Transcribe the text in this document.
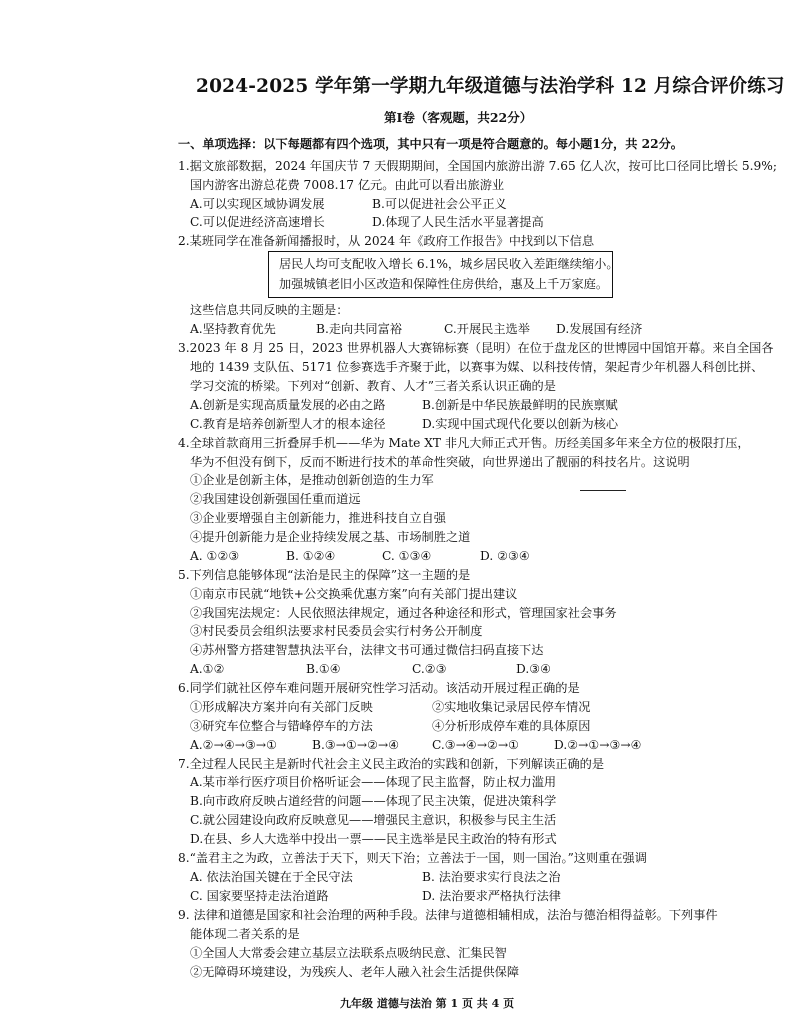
2024-2025 学年第一学期九年级道德与法治学科 12 月综合评价练习
第Ⅰ卷（客观题，共22分）
一、单项选择：以下每题都有四个选项，其中只有一项是符合题意的。每小题1分，共 22分。
1.据文旅部数据，2024 年国庆节 7 天假期期间，全国国内旅游出游 7.65 亿人次，按可比口径同比增长 5.9%;
国内游客出游总花费 7008.17 亿元。由此可以看出旅游业
A.可以实现区域协调发展	B.可以促进社会公平正义
C.可以促进经济高速增长	D.体现了人民生活水平显著提高
2.某班同学在准备新闻播报时，从 2024 年《政府工作报告》中找到以下信息
居民人均可支配收入增长 6.1%，城乡居民收入差距继续缩小。
加强城镇老旧小区改造和保障性住房供给，惠及上千万家庭。
这些信息共同反映的主题是：
A.坚持教育优先	B.走向共同富裕	C.开展民主选举 D.发展国有经济
3.2023 年 8 月 25 日，2023 世界机器人大赛锦标赛（昆明）在位于盘龙区的世博园中国馆开幕。来自全国各
地的 1439 支队伍、5171 位参赛选手齐聚于此，以赛事为媒、以科技传情，架起青少年机器人科创比拼、
学习交流的桥梁。下列对“创新、教育、人才”三者关系认识正确的是
A.创新是实现高质量发展的必由之路	B.创新是中华民族最鲜明的民族禀赋
C.教育是培养创新型人才的根本途径	D.实现中国式现代化要以创新为核心
4.全球首款商用三折叠屏手机——华为 Mate XT 非凡大师正式开售。历经美国多年来全方位的极限打压，
华为不但没有倒下，反而不断进行技术的革命性突破，向世界递出了靓丽的科技名片。这说明
①企业是创新主体，是推动创新创造的生力军
②我国建设创新强国任重而道远
③企业要增强自主创新能力，推进科技自立自强
④提升创新能力是企业持续发展之基、市场制胜之道
A. ①②③	B. ①②④	C. ①③④	D. ②③④
5.下列信息能够体现“法治是民主的保障”这一主题的是
①南京市民就“地铁+公交换乘优惠方案”向有关部门提出建议
②我国宪法规定：人民依照法律规定，通过各种途径和形式，管理国家社会事务
③村民委员会组织法要求村民委员会实行村务公开制度
④苏州警方搭建智慧执法平台，法律文书可通过微信扫码直接下达
A.①②	B.①④	C.②③	D.③④
6.同学们就社区停车难问题开展研究性学习活动。该活动开展过程正确的是
①形成解决方案并向有关部门反映	②实地收集记录居民停车情况
③研究车位整合与错峰停车的方法	④分析形成停车难的具体原因
A.②→④→③→①	B.③→①→②→④	C.③→④→②→①	D.②→①→③→④
7.全过程人民民主是新时代社会主义民主政治的实践和创新，下列解读正确的是
A.某市举行医疗项目价格听证会——体现了民主监督，防止权力滥用
B.向市政府反映占道经营的问题——体现了民主决策，促进决策科学
C.就公园建设向政府反映意见——增强民主意识，积极参与民主生活
D.在县、乡人大选举中投出一票——民主选举是民主政治的特有形式
8.“盖君主之为政，立善法于天下，则天下治；立善法于一国，则一国治。”这则重在强调
A. 依法治国关键在于全民守法	B. 法治要求实行良法之治
C. 国家要坚持走法治道路	D. 法治要求严格执行法律
9. 法律和道德是国家和社会治理的两种手段。法律与道德相辅相成，法治与德治相得益彰。下列事件
能体现二者关系的是
①全国人大常委会建立基层立法联系点吸纳民意、汇集民智
②无障碍环境建设，为残疾人、老年人融入社会生活提供保障
九年级 道德与法治 第 1 页 共 4 页
